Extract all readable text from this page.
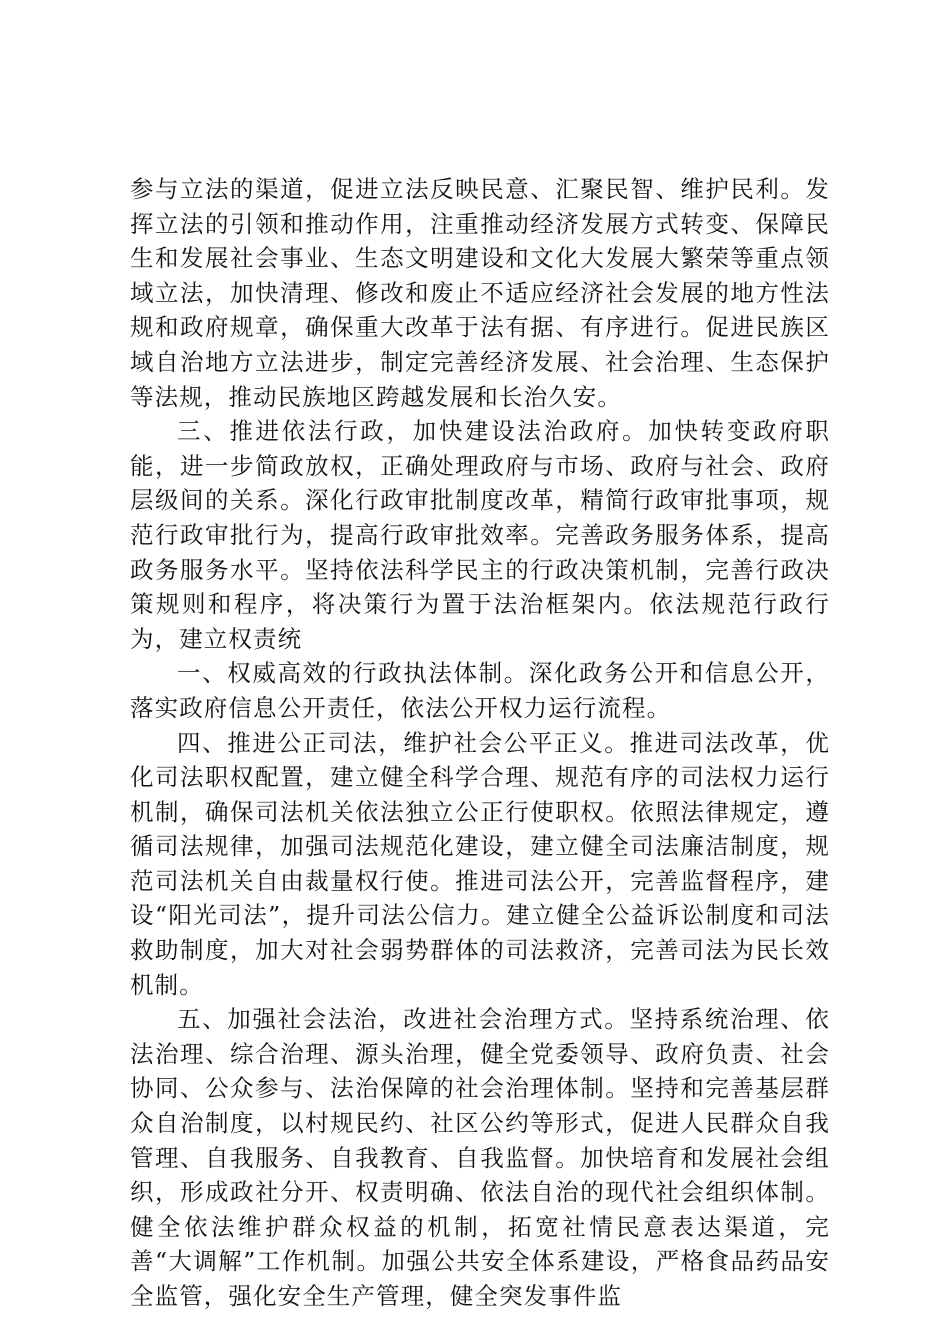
参与立法的渠道，促进立法反映民意、汇聚民智、维护民利。发挥立法的引领和推动作用，注重推动经济发展方式转变、保障民生和发展社会事业、生态文明建设和文化大发展大繁荣等重点领域立法，加快清理、修改和废止不适应经济社会发展的地方性法规和政府规章，确保重大改革于法有据、有序进行。促进民族区域自治地方立法进步，制定完善经济发展、社会治理、生态保护等法规，推动民族地区跨越发展和长治久安。

三、推进依法行政，加快建设法治政府。加快转变政府职能，进一步简政放权，正确处理政府与市场、政府与社会、政府层级间的关系。深化行政审批制度改革，精简行政审批事项，规范行政审批行为，提高行政审批效率。完善政务服务体系，提高政务服务水平。坚持依法科学民主的行政决策机制，完善行政决策规则和程序，将决策行为置于法治框架内。依法规范行政行为，建立权责统

一、权威高效的行政执法体制。深化政务公开和信息公开，落实政府信息公开责任，依法公开权力运行流程。

四、推进公正司法，维护社会公平正义。推进司法改革，优化司法职权配置，建立健全科学合理、规范有序的司法权力运行机制，确保司法机关依法独立公正行使职权。依照法律规定，遵循司法规律，加强司法规范化建设，建立健全司法廉洁制度，规范司法机关自由裁量权行使。推进司法公开，完善监督程序，建设“阳光司法”，提升司法公信力。建立健全公益诉讼制度和司法救助制度，加大对社会弱势群体的司法救济，完善司法为民长效机制。

五、加强社会法治，改进社会治理方式。坚持系统治理、依法治理、综合治理、源头治理，健全党委领导、政府负责、社会协同、公众参与、法治保障的社会治理体制。坚持和完善基层群众自治制度，以村规民约、社区公约等形式，促进人民群众自我管理、自我服务、自我教育、自我监督。加快培育和发展社会组织，形成政社分开、权责明确、依法自治的现代社会组织体制。健全依法维护群众权益的机制，拓宽社情民意表达渠道，完善“大调解”工作机制。加强公共安全体系建设，严格食品药品安全监管，强化安全生产管理，健全突发事件监
